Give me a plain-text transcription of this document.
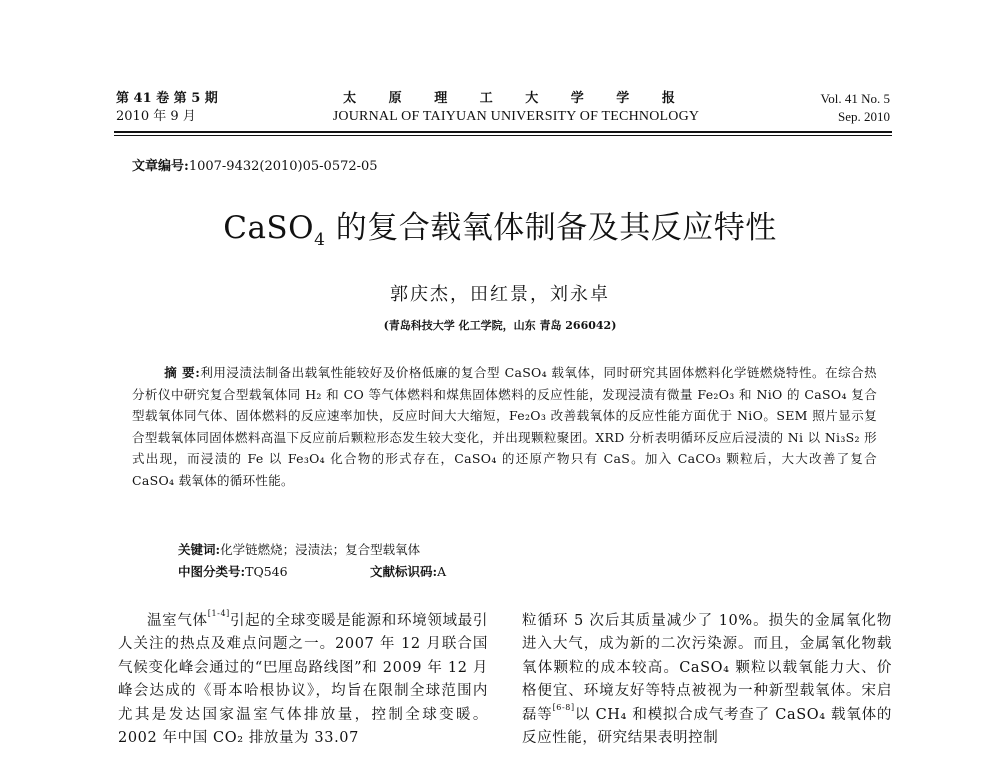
第 41 卷 第 5 期
2010 年 9 月
太 原 理 工 大 学 学 报
JOURNAL OF TAIYUAN UNIVERSITY OF TECHNOLOGY
Vol. 41 No. 5
Sep. 2010
文章编号:1007-9432(2010)05-0572-05
CaSO$_4$ 的复合载氧体制备及其反应特性
郭庆杰，田红景，刘永卓
(青岛科技大学 化工学院，山东 青岛 266042)
摘 要:利用浸渍法制备出载氧性能较好及价格低廉的复合型 CaSO₄ 载氧体，同时研究其固体燃料化学链燃烧特性。在综合热分析仪中研究复合型载氧体同 H₂ 和 CO 等气体燃料和煤焦固体燃料的反应性能，发现浸渍有微量 Fe₂O₃ 和 NiO 的 CaSO₄ 复合型载氧体同气体、固体燃料的反应速率加快，反应时间大大缩短，Fe₂O₃ 改善载氧体的反应性能方面优于 NiO。SEM 照片显示复合型载氧体同固体燃料高温下反应前后颗粒形态发生较大变化，并出现颗粒聚团。XRD 分析表明循环反应后浸渍的 Ni 以 Ni₃S₂ 形式出现，而浸渍的 Fe 以 Fe₃O₄ 化合物的形式存在，CaSO₄ 的还原产物只有 CaS。加入 CaCO₃ 颗粒后，大大改善了复合 CaSO₄ 载氧体的循环性能。
关键词:化学链燃烧；浸渍法；复合型载氧体
中图分类号:TQ546	文献标识码:A

温室气体[1-4]引起的全球变暖是能源和环境领域最引人关注的热点及难点问题之一。2007 年 12 月联合国气候变化峰会通过的“巴厘岛路线图”和 2009 年 12 月峰会达成的《哥本哈根协议》，均旨在限制全球范围内尤其是发达国家温室气体排放量，控制全球变暖。2002 年中国 CO₂ 排放量为 33.07

粒循环 5 次后其质量减少了 10%。损失的金属氧化物进入大气，成为新的二次污染源。而且，金属氧化物载氧体颗粒的成本较高。CaSO₄ 颗粒以载氧能力大、价格便宜、环境友好等特点被视为一种新型载氧体。宋启磊等[6-8]以 CH₄ 和模拟合成气考查了 CaSO₄ 载氧体的反应性能，研究结果表明控制
